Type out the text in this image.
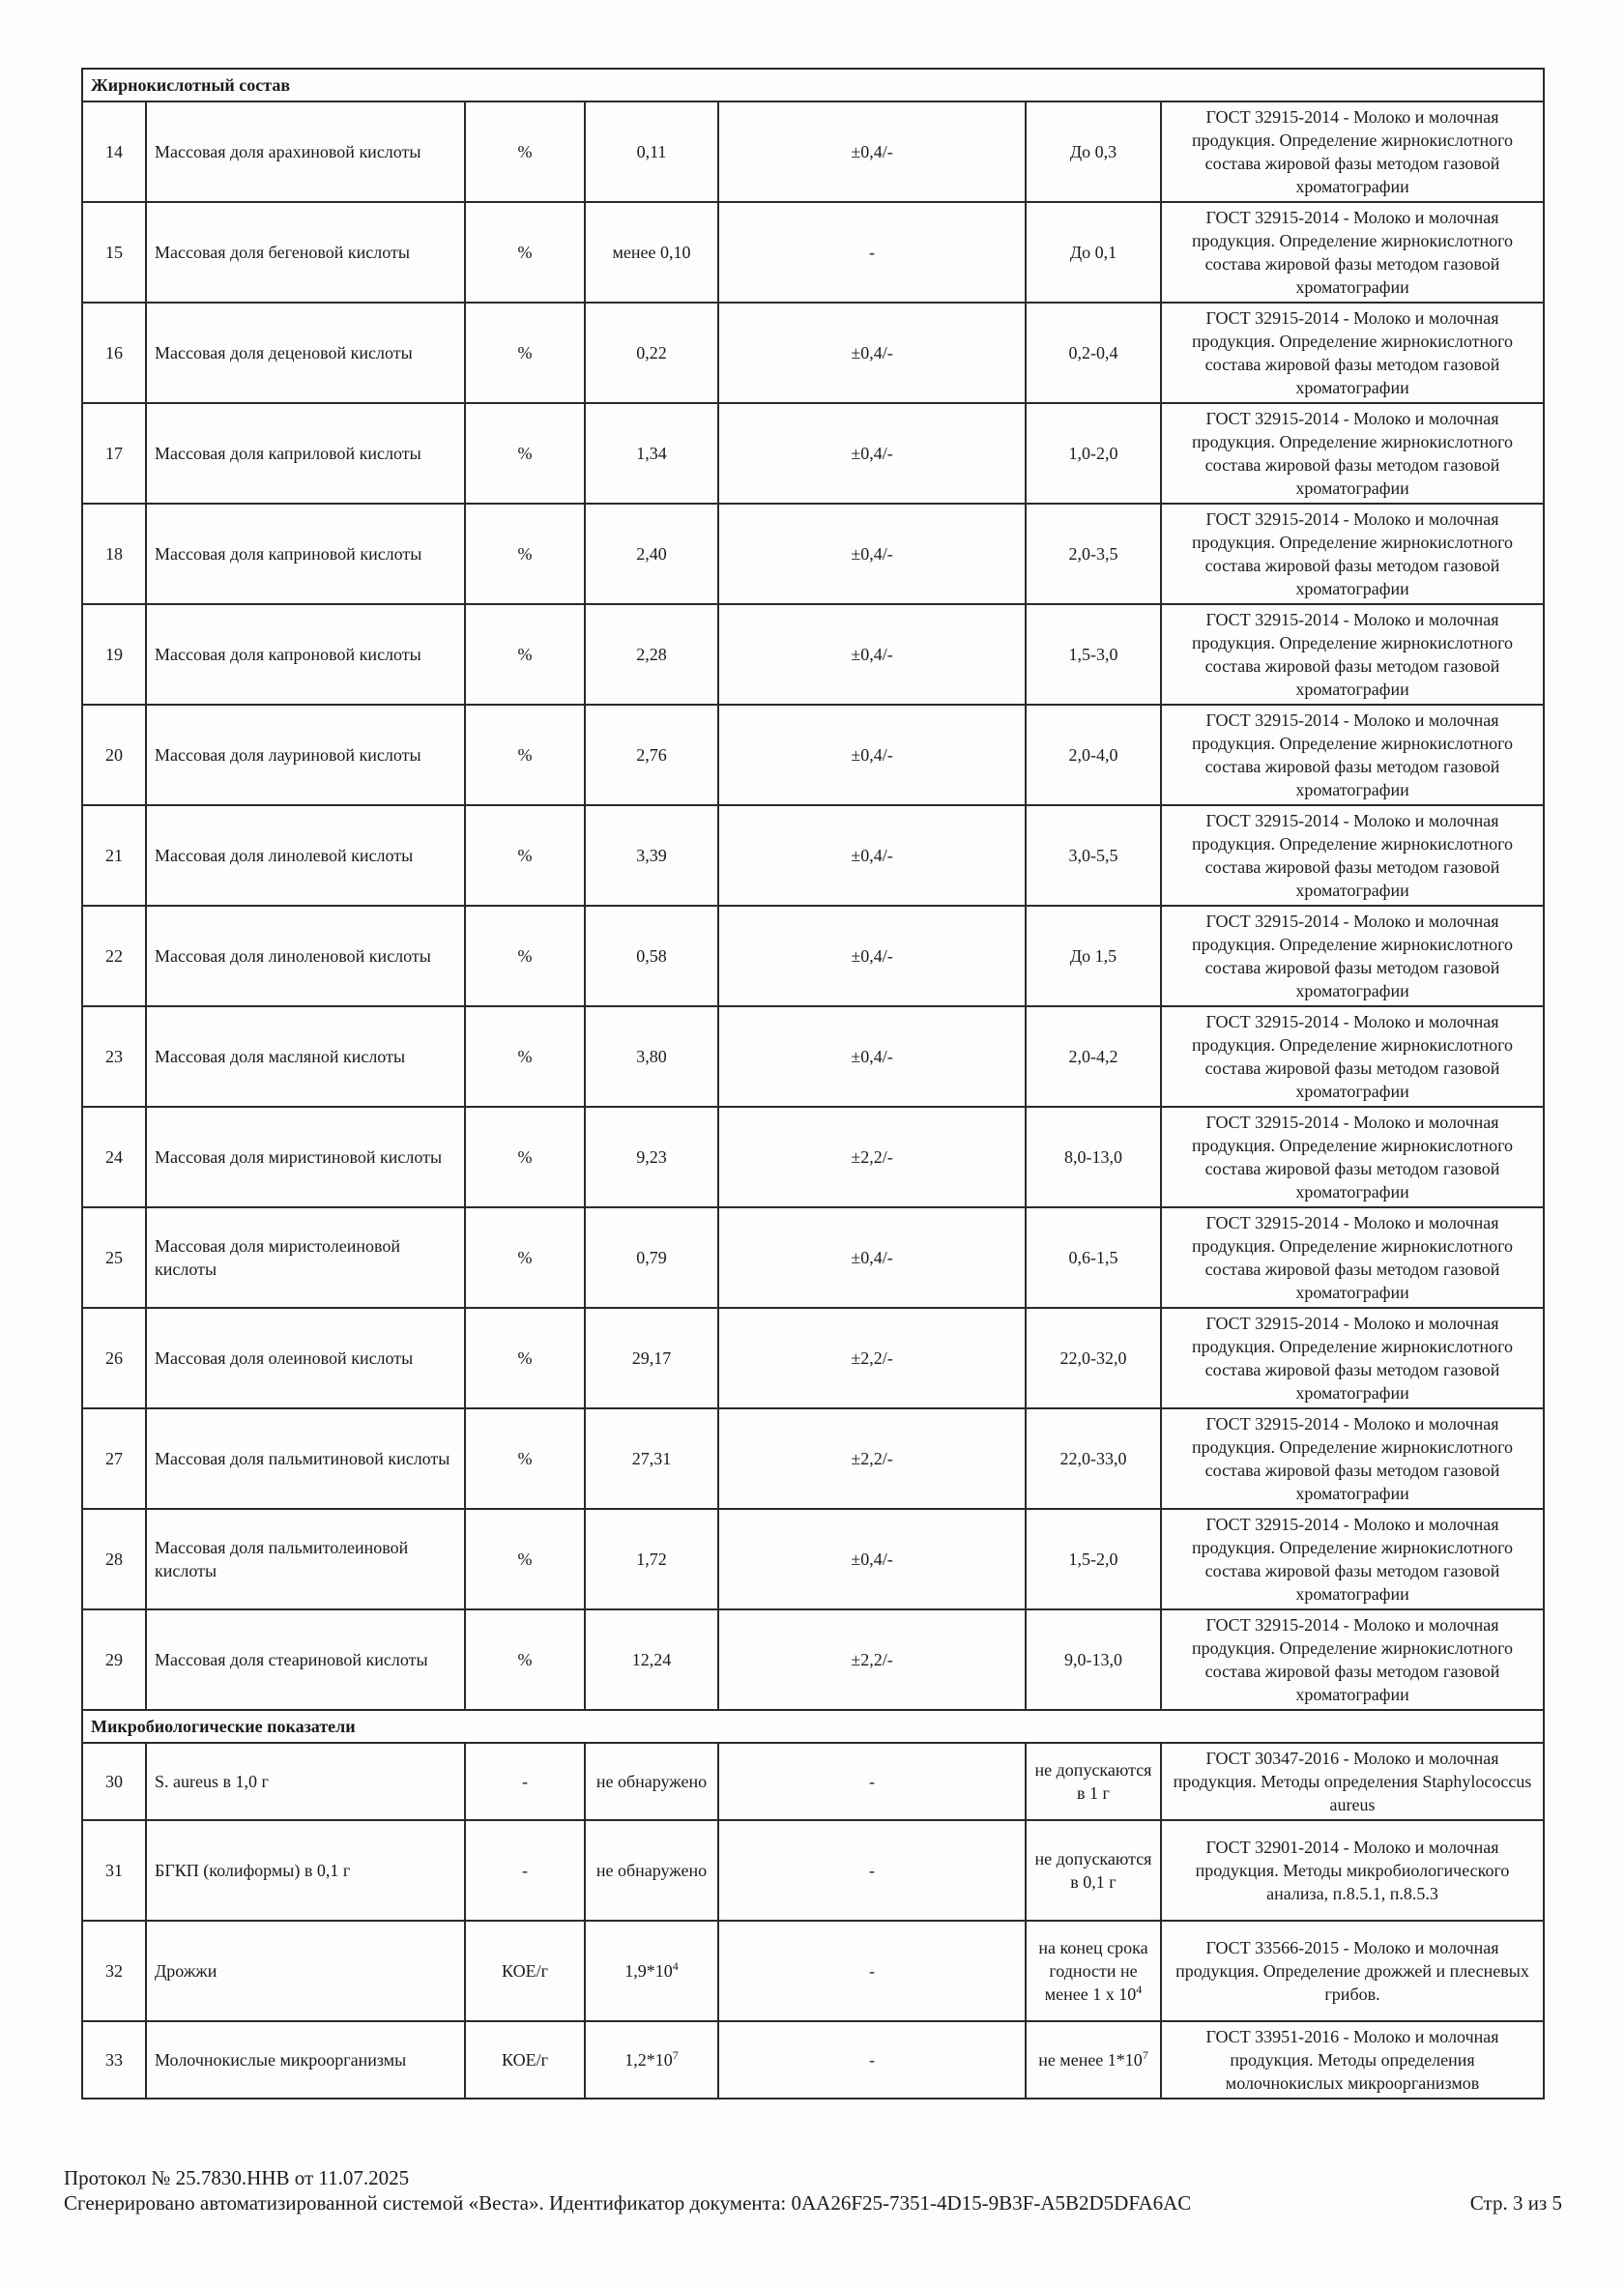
Жирнокислотный состав						
14	Массовая доля арахиновой кислоты	%	0,11	±0,4/-	До 0,3	ГОСТ 32915-2014 - Молоко и молочная продукция. Определение жирнокислотного состава жировой фазы методом газовой хроматографии
15	Массовая доля бегеновой кислоты	%	менее 0,10	-	До 0,1	ГОСТ 32915-2014 - Молоко и молочная продукция. Определение жирнокислотного состава жировой фазы методом газовой хроматографии
16	Массовая доля деценовой кислоты	%	0,22	±0,4/-	0,2-0,4	ГОСТ 32915-2014 - Молоко и молочная продукция. Определение жирнокислотного состава жировой фазы методом газовой хроматографии
17	Массовая доля каприловой кислоты	%	1,34	±0,4/-	1,0-2,0	ГОСТ 32915-2014 - Молоко и молочная продукция. Определение жирнокислотного состава жировой фазы методом газовой хроматографии
18	Массовая доля каприновой кислоты	%	2,40	±0,4/-	2,0-3,5	ГОСТ 32915-2014 - Молоко и молочная продукция. Определение жирнокислотного состава жировой фазы методом газовой хроматографии
19	Массовая доля капроновой кислоты	%	2,28	±0,4/-	1,5-3,0	ГОСТ 32915-2014 - Молоко и молочная продукция. Определение жирнокислотного состава жировой фазы методом газовой хроматографии
20	Массовая доля лауриновой кислоты	%	2,76	±0,4/-	2,0-4,0	ГОСТ 32915-2014 - Молоко и молочная продукция. Определение жирнокислотного состава жировой фазы методом газовой хроматографии
21	Массовая доля линолевой кислоты	%	3,39	±0,4/-	3,0-5,5	ГОСТ 32915-2014 - Молоко и молочная продукция. Определение жирнокислотного состава жировой фазы методом газовой хроматографии
22	Массовая доля линоленовой кислоты	%	0,58	±0,4/-	До 1,5	ГОСТ 32915-2014 - Молоко и молочная продукция. Определение жирнокислотного состава жировой фазы методом газовой хроматографии
23	Массовая доля масляной кислоты	%	3,80	±0,4/-	2,0-4,2	ГОСТ 32915-2014 - Молоко и молочная продукция. Определение жирнокислотного состава жировой фазы методом газовой хроматографии
24	Массовая доля миристиновой кислоты	%	9,23	±2,2/-	8,0-13,0	ГОСТ 32915-2014 - Молоко и молочная продукция. Определение жирнокислотного состава жировой фазы методом газовой хроматографии
25	Массовая доля миристолеиновой кислоты	%	0,79	±0,4/-	0,6-1,5	ГОСТ 32915-2014 - Молоко и молочная продукция. Определение жирнокислотного состава жировой фазы методом газовой хроматографии
26	Массовая доля олеиновой кислоты	%	29,17	±2,2/-	22,0-32,0	ГОСТ 32915-2014 - Молоко и молочная продукция. Определение жирнокислотного состава жировой фазы методом газовой хроматографии
27	Массовая доля пальмитиновой кислоты	%	27,31	±2,2/-	22,0-33,0	ГОСТ 32915-2014 - Молоко и молочная продукция. Определение жирнокислотного состава жировой фазы методом газовой хроматографии
28	Массовая доля пальмитолеиновой кислоты	%	1,72	±0,4/-	1,5-2,0	ГОСТ 32915-2014 - Молоко и молочная продукция. Определение жирнокислотного состава жировой фазы методом газовой хроматографии
29	Массовая доля стеариновой кислоты	%	12,24	±2,2/-	9,0-13,0	ГОСТ 32915-2014 - Молоко и молочная продукция. Определение жирнокислотного состава жировой фазы методом газовой хроматографии
Микробиологические показатели						
30	S. aureus в 1,0 г	-	не обнаружено	-	не допускаются в 1 г	ГОСТ 30347-2016 - Молоко и молочная продукция. Методы определения Staphylococcus aureus
31	БГКП (колиформы) в 0,1 г	-	не обнаружено	-	не допускаются в 0,1 г	ГОСТ 32901-2014 - Молоко и молочная продукция. Методы микробиологического анализа, п.8.5.1, п.8.5.3
32	Дрожжи	КОЕ/г	$1,9*10^4$	-	на конец срока годности не менее 1 х $10^4$	ГОСТ 33566-2015 - Молоко и молочная продукция. Определение дрожжей и плесневых грибов.
33	Молочнокислые микроорганизмы	КОЕ/г	$1,2*10^7$	-	не менее $1*10^7$	ГОСТ 33951-2016 - Молоко и молочная продукция. Методы определения молочнокислых микроорганизмов
Протокол № 25.7830.ННВ от 11.07.2025
Сгенерировано автоматизированной системой «Веста». Идентификатор документа: 0AA26F25-7351-4D15-9B3F-A5B2D5DFA6AC	Стр. 3 из 5
